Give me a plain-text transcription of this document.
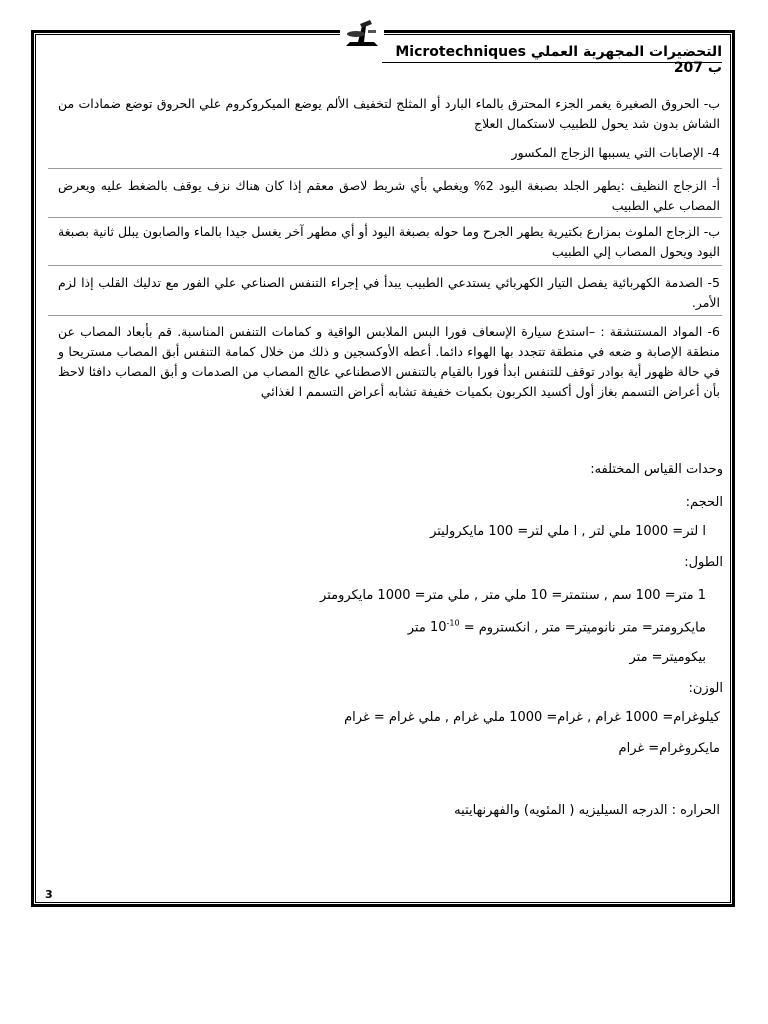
التحضيرات المجهرية العملي Microtechniques ب 207
ب- الحروق الصغيرة يغمر الجزء المحترق بالماء البارد أو المثلج لتخفيف الألم يوضع الميكروكروم علي الحروق توضع ضمادات من الشاش بدون شد يحول للطبيب لاستكمال العلاج
4- الإصابات التي يسببها الزجاج المكسور
أ- الزجاج النظيف :يطهر الجلد بصبغة اليود 2% ويغطي بأي شريط لاصق معقم إذا كان هناك نزف يوقف بالضغط عليه ويعرض المصاب علي الطبيب
ب- الزجاج الملوث بمزارع بكتيرية يطهر الجرح وما حوله بصبغة اليود أو أي مطهر آخر يغسل جيدا بالماء والصابون يبلل ثانية بصبغة اليود ويحول المصاب إلي الطبيب
5- الصدمة الكهربائية يفصل التيار الكهربائي يستدعي الطبيب يبدأ في إجراء التنفس الصناعي علي الفور مع تدليك القلب إذا لزم الأمر.
6- المواد المستنشقة : –استدع سيارة الإسعاف فورا البس الملابس الواقية و كمامات التنفس المناسبة. قم بأبعاد المصاب عن منطقة الإصابة و ضعه في منطقة تتجدد بها الهواء دائما. أعطه الأوكسجين و ذلك من خلال كمامة التنفس أبق المصاب مستريحا و في حالة ظهور أية بوادر توقف للتنفس ابدأ فورا بالقيام بالتنفس الاصطناعي عالج المصاب من الصدمات و أبق المصاب دافئا لاحظ بأن أعراض التسمم بغاز أول أكسيد الكربون بكميات خفيفة تشابه أعراض التسمم ا لغذائي
وحدات القياس المختلفه:
الحجم:
ا لتر= 1000 ملي لتر , ا ملي لتر= 100 مايكروليتر
الطول:
1 متر= 100 سم , سنتمتر= 10 ملي متر , ملي متر= 1000 مايكرومتر
مايكرومتر= متر نانوميتر= متر , انكستروم = $10^{-10}$ متر
بيكوميتر= متر
الوزن:
كيلوغرام= 1000 غرام , غرام= 1000 ملي غرام , ملي غرام = غرام
مايكروغرام= غرام
الحراره : الدرجه السيليزيه ( المئويه) والفهرنهايتيه
3
